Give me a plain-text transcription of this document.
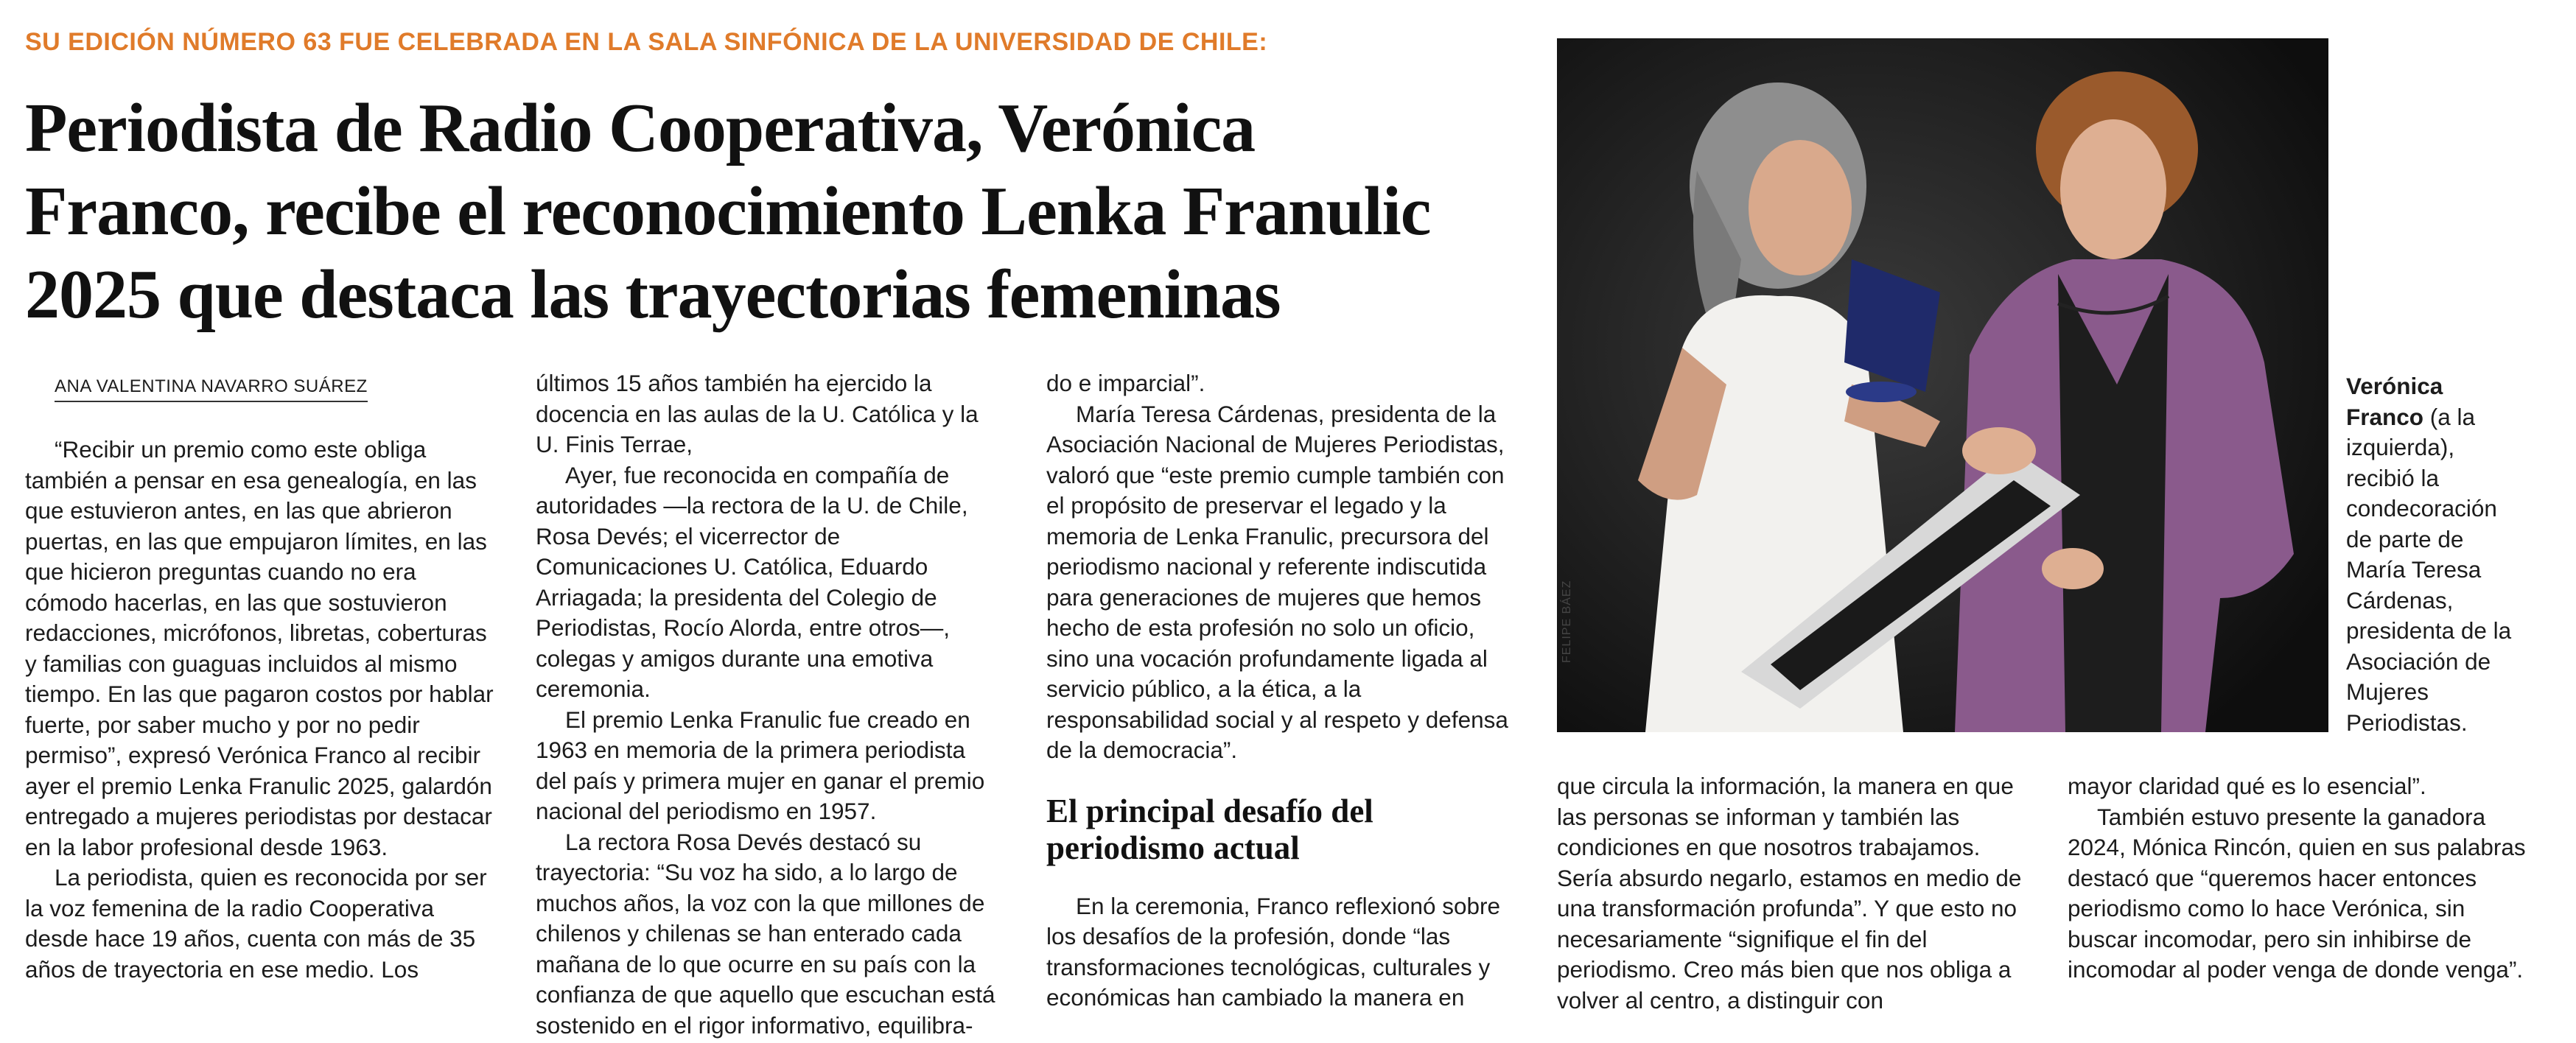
SU EDICIÓN NÚMERO 63 FUE CELEBRADA EN LA SALA SINFÓNICA DE LA UNIVERSIDAD DE CHILE:
Periodista de Radio Cooperativa, Verónica
Franco, recibe el reconocimiento Lenka Franulic
2025 que destaca las trayectorias femeninas
ANA VALENTINA NAVARRO SUÁREZ

“Recibir un premio como este obliga también a pensar en esa genealogía, en las que estuvieron antes, en las que abrieron puertas, en las que empujaron límites, en las que hicieron preguntas cuando no era cómodo hacerlas, en las que sostuvieron redacciones, micrófonos, libretas, coberturas y familias con guaguas incluidos al mismo tiempo. En las que pagaron costos por hablar fuerte, por saber mucho y por no pedir permiso”, expresó Verónica Franco al recibir ayer el premio Lenka Franulic 2025, galardón entregado a mujeres periodistas por destacar en la labor profesional desde 1963.

La periodista, quien es reconocida por ser la voz femenina de la radio Cooperativa desde hace 19 años, cuenta con más de 35 años de trayectoria en ese medio. Los

últimos 15 años también ha ejercido la docencia en las aulas de la U. Católica y la U. Finis Terrae,

Ayer, fue reconocida en compañía de autoridades —la rectora de la U. de Chile, Rosa Devés; el vicerrector de Comunicaciones U. Católica, Eduardo Arriagada; la presidenta del Colegio de Periodistas, Rocío Alorda, entre otros—, colegas y amigos durante una emotiva ceremonia.

El premio Lenka Franulic fue creado en 1963 en memoria de la primera periodista del país y primera mujer en ganar el premio nacional del periodismo en 1957.

La rectora Rosa Devés destacó su trayectoria: “Su voz ha sido, a lo largo de muchos años, la voz con la que millones de chilenos y chilenas se han enterado cada mañana de lo que ocurre en su país con la confianza de que aquello que escuchan está sostenido en el rigor informativo, equilibra-

do e imparcial”.

María Teresa Cárdenas, presidenta de la Asociación Nacional de Mujeres Periodistas, valoró que “este premio cumple también con el propósito de preservar el legado y la memoria de Lenka Franulic, precursora del periodismo nacional y referente indiscutida para generaciones de mujeres que hemos hecho de esta profesión no solo un oficio, sino una vocación profundamente ligada al servicio público, a la ética, a la responsabilidad social y al respeto y defensa de la democracia”.

El principal desafío del periodismo actual

En la ceremonia, Franco reflexionó sobre los desafíos de la profesión, donde “las transformaciones tecnológicas, culturales y económicas han cambiado la manera en

FELIPE BÁEZ
Verónica Franco (a la izquierda), recibió la condecoración de parte de María Teresa Cárdenas, presidenta de la Asociación de Mujeres Periodistas.

que circula la información, la manera en que las personas se informan y también las condiciones en que nosotros trabajamos. Sería absurdo negarlo, estamos en medio de una transformación profunda”. Y que esto no necesariamente “signifique el fin del periodismo. Creo más bien que nos obliga a volver al centro, a distinguir con

mayor claridad qué es lo esencial”.

También estuvo presente la ganadora 2024, Mónica Rincón, quien en sus palabras destacó que “queremos hacer entonces periodismo como lo hace Verónica, sin buscar incomodar, pero sin inhibirse de incomodar al poder venga de donde venga”.
